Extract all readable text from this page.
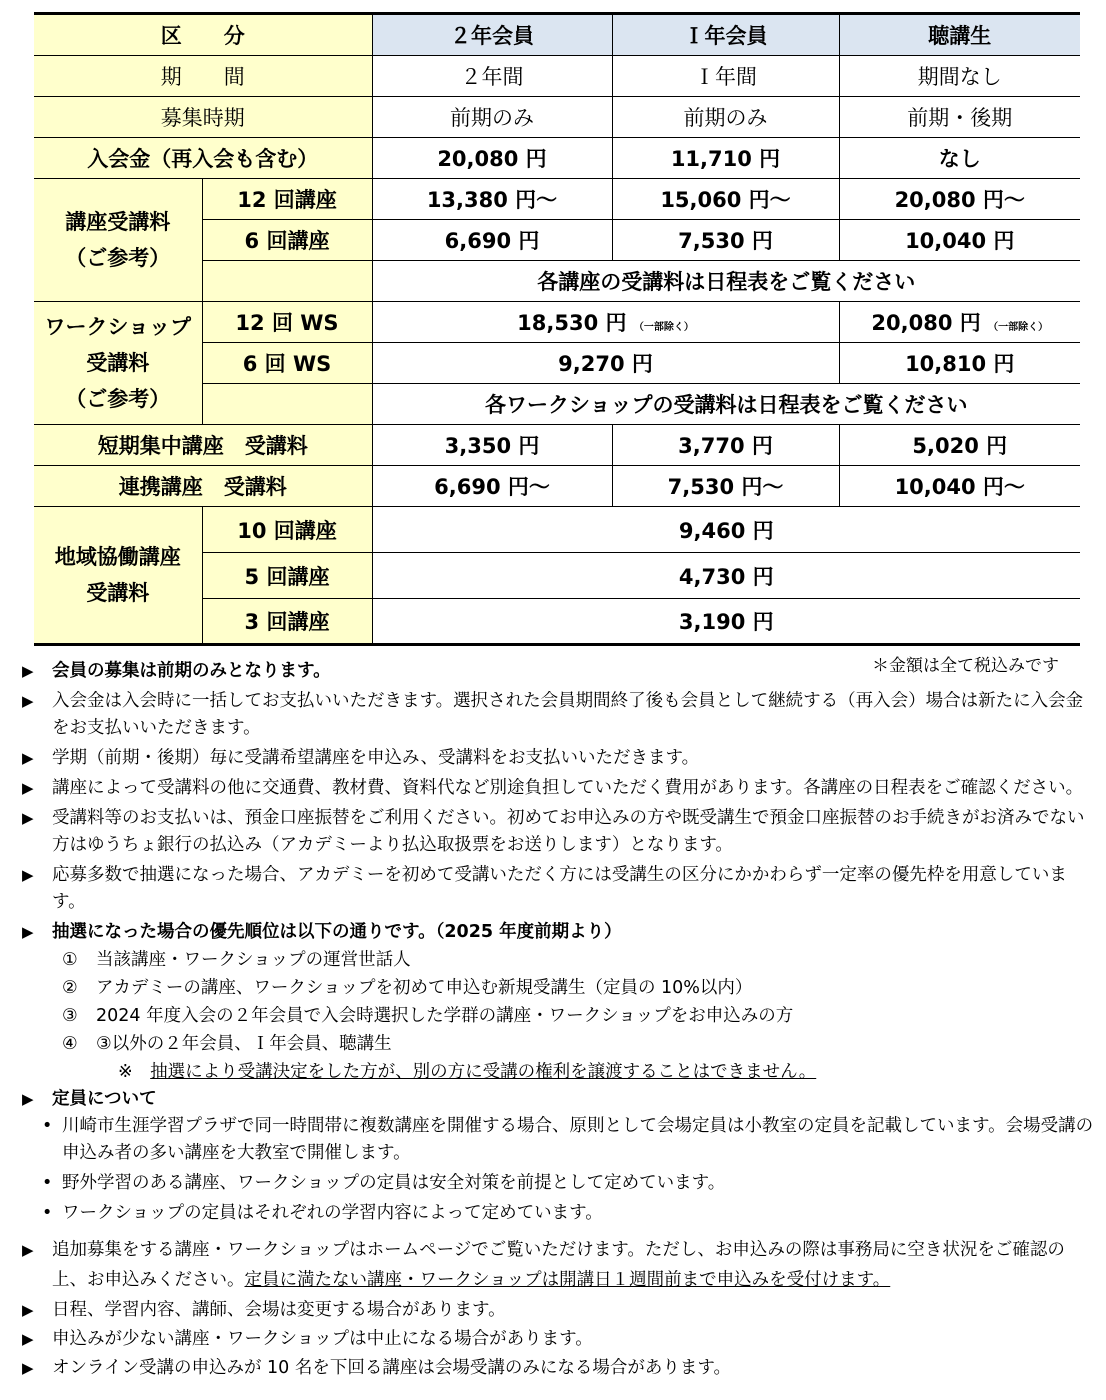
区　　分		２年会員	Ｉ年会員	聴講生
期　　間		２年間	Ｉ年間	期間なし
募集時期		前期のみ	前期のみ	前期・後期
入会金（再入会も含む）		20,080 円	11,710 円	なし
講座受講料
（ご参考）	12 回講座	13,380 円～	15,060 円～	20,080 円～
	6 回講座	6,690 円	7,530 円	10,040 円
		各講座の受講料は日程表をご覧ください		
ワークショップ
受講料
（ご参考）	12 回 WS	18,530 円 （一部除く）		20,080 円 （一部除く）
	6 回 WS	9,270 円		10,810 円
		各ワークショップの受講料は日程表をご覧ください		
短期集中講座　受講料		3,350 円	3,770 円	5,020 円
連携講座　受講料		6,690 円～	7,530 円～	10,040 円～
地域協働講座
受講料	10 回講座	9,460 円		
	5 回講座	4,730 円		
	3 回講座	3,190 円		
＊金額は全て税込みです
▶	会員の募集は前期のみとなります。
▶	入会金は入会時に一括してお支払いいただきます。選択された会員期間終了後も会員として継続する（再入会）場合は新たに入会金をお支払いいただきます。
▶	学期（前期・後期）毎に受講希望講座を申込み、受講料をお支払いいただきます。
▶	講座によって受講料の他に交通費、教材費、資料代など別途負担していただく費用があります。各講座の日程表をご確認ください。
▶	受講料等のお支払いは、預金口座振替をご利用ください。初めてお申込みの方や既受講生で預金口座振替のお手続きがお済みでない方はゆうちょ銀行の払込み（アカデミーより払込取扱票をお送りします）となります。
▶	応募多数で抽選になった場合、アカデミーを初めて受講いただく方には受講生の区分にかかわらず一定率の優先枠を用意しています。
▶	抽選になった場合の優先順位は以下の通りです。（2025 年度前期より）
① 当該講座・ワークショップの運営世話人
② アカデミーの講座、ワークショップを初めて申込む新規受講生（定員の 10%以内）
③ 2024 年度入会の２年会員で入会時選択した学群の講座・ワークショップをお申込みの方
④ ③以外の２年会員、Ｉ年会員、聴講生
※　 抽選により受講決定をした方が、別の方に受講の権利を譲渡することはできません。
▶	定員について
• 川崎市生涯学習プラザで同一時間帯に複数講座を開催する場合、原則として会場定員は小教室の定員を記載しています。会場受講の申込み者の多い講座を大教室で開催します。
• 野外学習のある講座、ワークショップの定員は安全対策を前提として定めています。
• ワークショップの定員はそれぞれの学習内容によって定めています。
▶	追加募集をする講座・ワークショップはホームページでご覧いただけます。ただし、お申込みの際は事務局に空き状況をご確認の上、お申込みください。定員に満たない講座・ワークショップは開講日１週間前まで申込みを受付けます。
▶	日程、学習内容、講師、会場は変更する場合があります。
▶	申込みが少ない講座・ワークショップは中止になる場合があります。
▶	オンライン受講の申込みが 10 名を下回る講座は会場受講のみになる場合があります。
